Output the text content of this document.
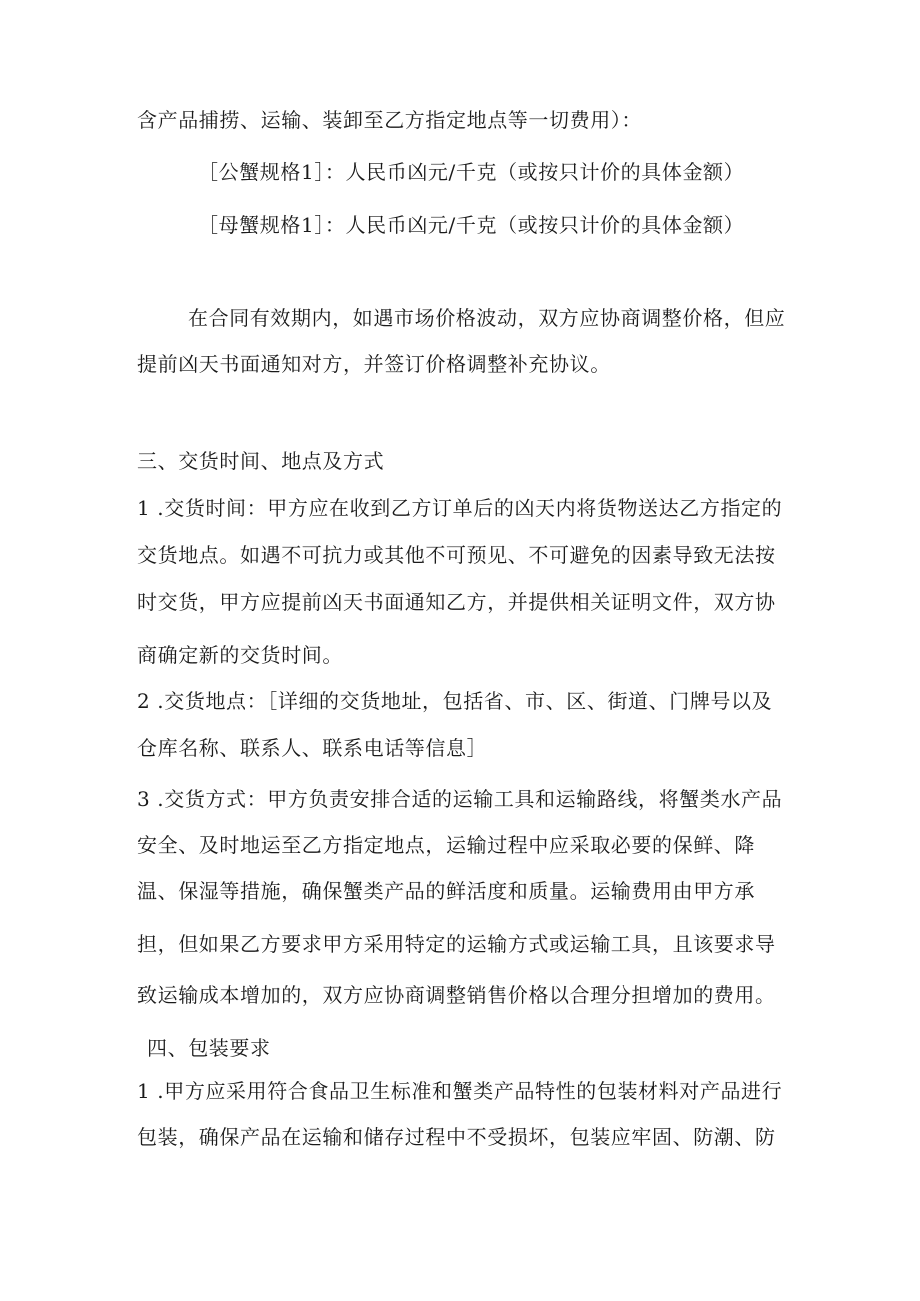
含产品捕捞、运输、装卸至乙方指定地点等一切费用）：
［公蟹规格1］：人民币凶元/千克（或按只计价的具体金额）
［母蟹规格1］：人民币凶元/千克（或按只计价的具体金额）
在合同有效期内，如遇市场价格波动，双方应协商调整价格，但应
提前凶天书面通知对方，并签订价格调整补充协议。
三、交货时间、地点及方式
1 .交货时间：甲方应在收到乙方订单后的凶天内将货物送达乙方指定的
交货地点。如遇不可抗力或其他不可预见、不可避免的因素导致无法按
时交货，甲方应提前凶天书面通知乙方，并提供相关证明文件，双方协
商确定新的交货时间。
2 .交货地点：［详细的交货地址，包括省、市、区、街道、门牌号以及
仓库名称、联系人、联系电话等信息］
3 .交货方式：甲方负责安排合适的运输工具和运输路线，将蟹类水产品
安全、及时地运至乙方指定地点，运输过程中应采取必要的保鲜、降
温、保湿等措施，确保蟹类产品的鲜活度和质量。运输费用由甲方承
担，但如果乙方要求甲方采用特定的运输方式或运输工具，且该要求导
致运输成本增加的，双方应协商调整销售价格以合理分担增加的费用。
四、包装要求
1 .甲方应采用符合食品卫生标准和蟹类产品特性的包装材料对产品进行
包装，确保产品在运输和储存过程中不受损坏，包装应牢固、防潮、防
